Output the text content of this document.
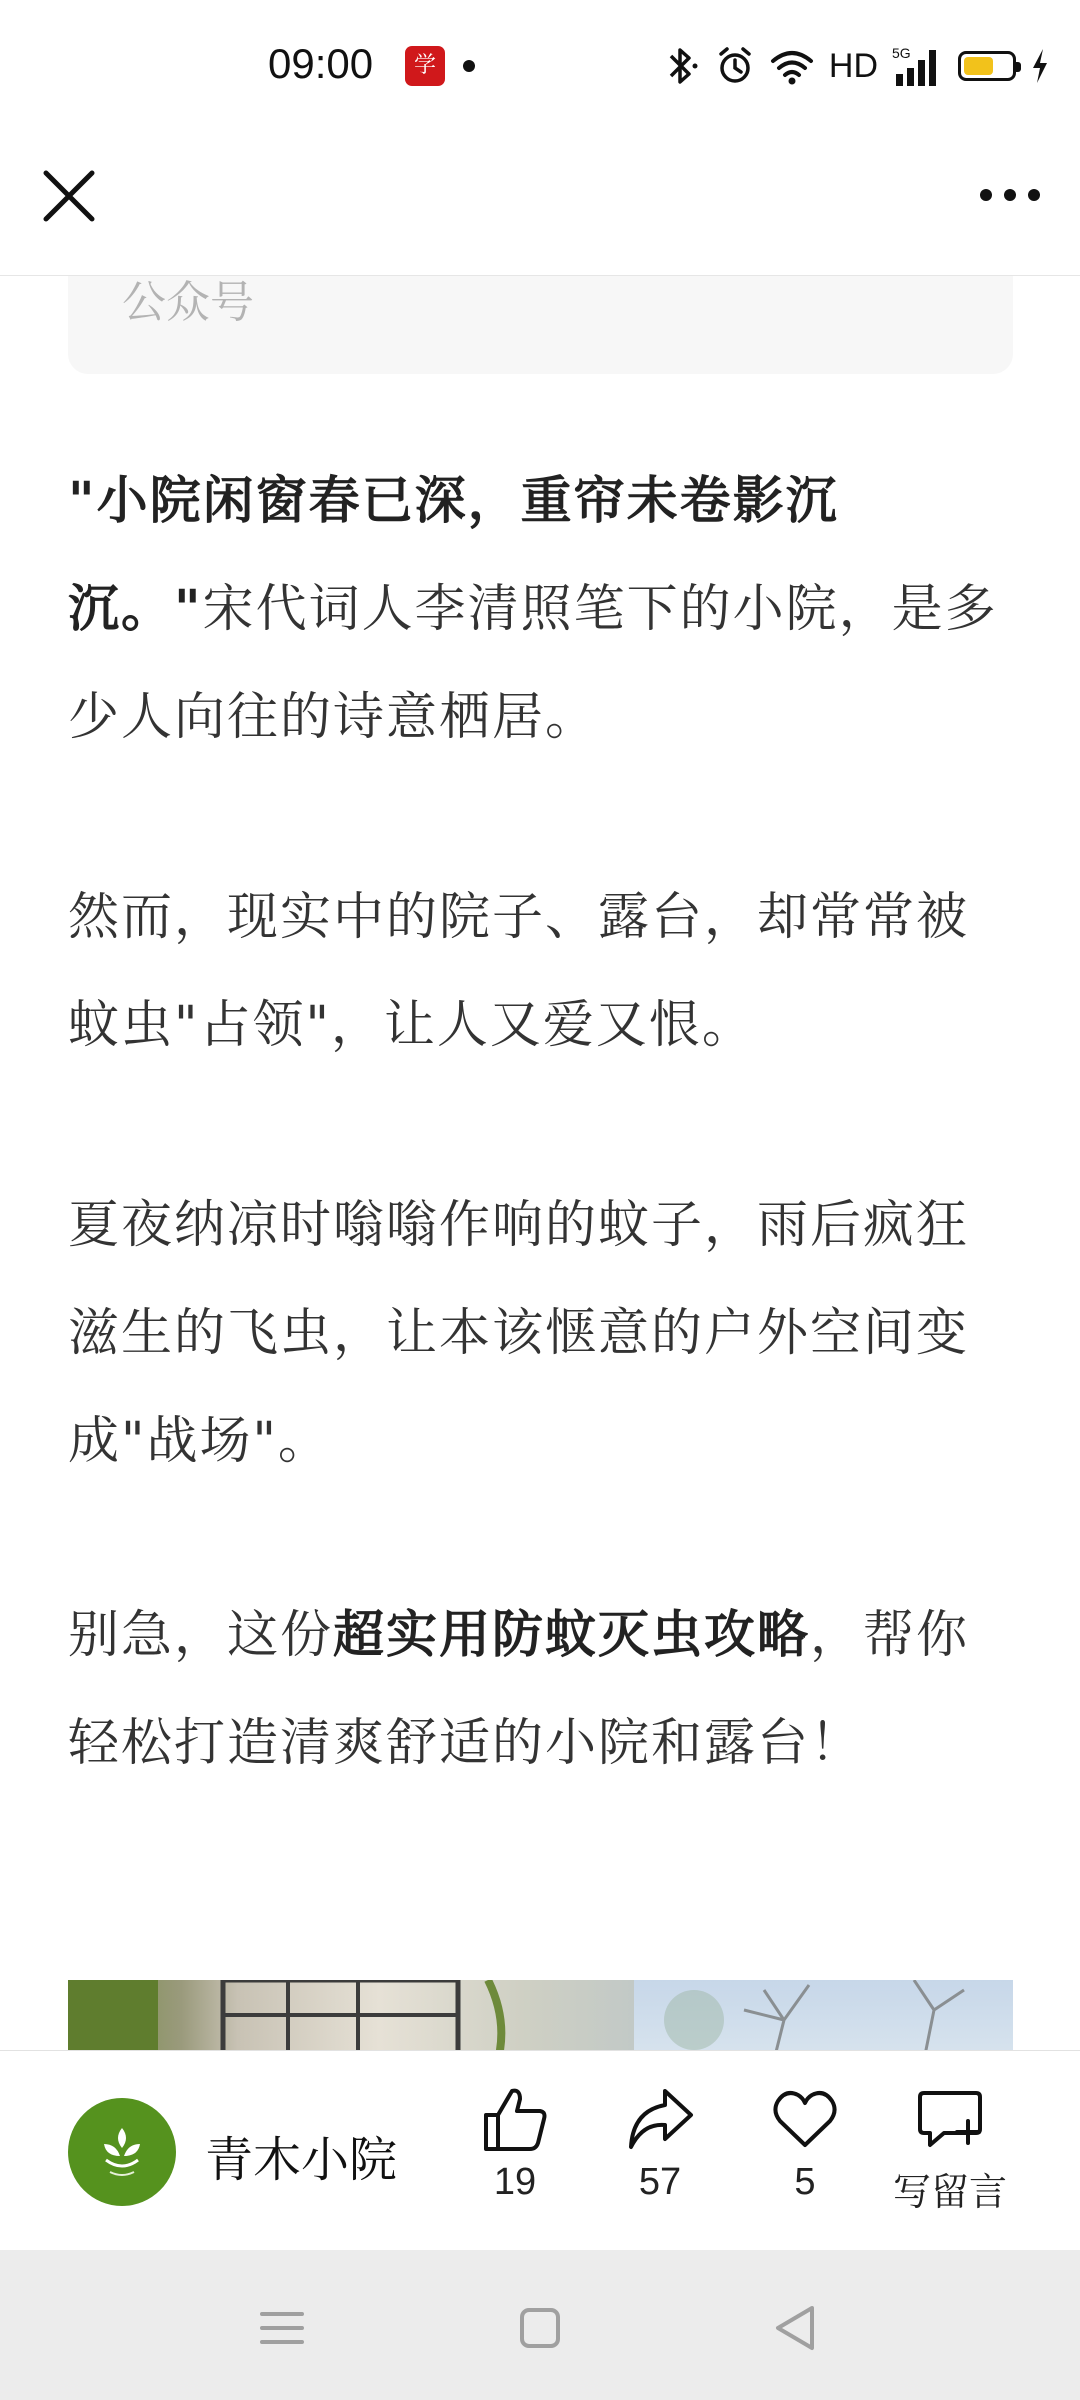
09:00	学习
HD 5G
公众号

"小院闲窗春已深，重帘未卷影沉沉。"宋代词人李清照笔下的小院，是多少人向往的诗意栖居。

然而，现实中的院子、露台，却常常被蚊虫"占领"，让人又爱又恨。

夏夜纳凉时嗡嗡作响的蚊子，雨后疯狂滋生的飞虫，让本该惬意的户外空间变成"战场"。

别急，这份超实用防蚊灭虫攻略，帮你轻松打造清爽舒适的小院和露台！

青木小院	19	57	5	写留言
